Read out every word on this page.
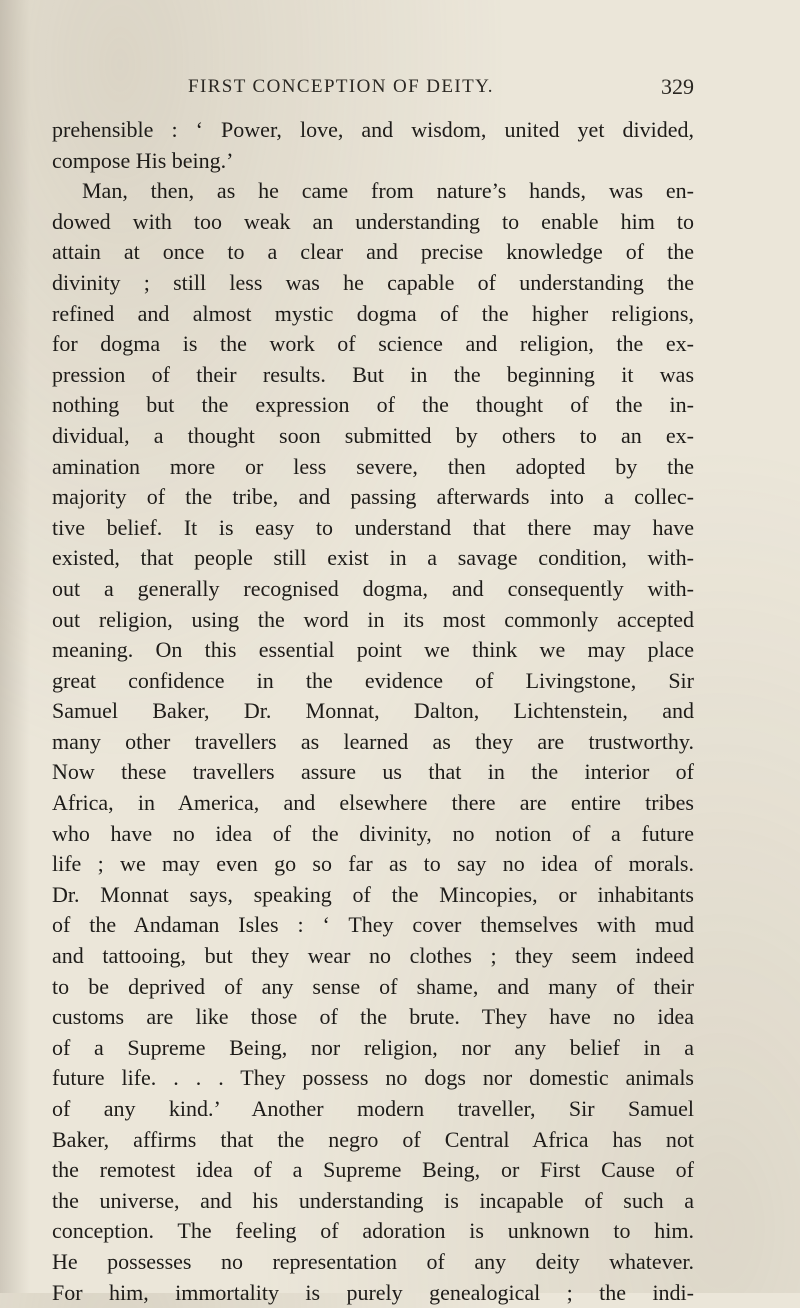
FIRST CONCEPTION OF DEITY.	329
prehensible : ‘ Power, love, and wisdom, united yet divided,
compose His being.’
Man, then, as he came from nature’s hands, was en-
dowed with too weak an understanding to enable him to
attain at once to a clear and precise knowledge of the
divinity ; still less was he capable of understanding the
refined and almost mystic dogma of the higher religions,
for dogma is the work of science and religion, the ex-
pression of their results. But in the beginning it was
nothing but the expression of the thought of the in-
dividual, a thought soon submitted by others to an ex-
amination more or less severe, then adopted by the
majority of the tribe, and passing afterwards into a collec-
tive belief. It is easy to understand that there may have
existed, that people still exist in a savage condition, with-
out a generally recognised dogma, and consequently with-
out religion, using the word in its most commonly accepted
meaning. On this essential point we think we may place
great confidence in the evidence of Livingstone, Sir
Samuel Baker, Dr. Monnat, Dalton, Lichtenstein, and
many other travellers as learned as they are trustworthy.
Now these travellers assure us that in the interior of
Africa, in America, and elsewhere there are entire tribes
who have no idea of the divinity, no notion of a future
life ; we may even go so far as to say no idea of morals.
Dr. Monnat says, speaking of the Mincopies, or inhabitants
of the Andaman Isles : ‘ They cover themselves with mud
and tattooing, but they wear no clothes ; they seem indeed
to be deprived of any sense of shame, and many of their
customs are like those of the brute. They have no idea
of a Supreme Being, nor religion, nor any belief in a
future life. . . . They possess no dogs nor domestic animals
of any kind.’ Another modern traveller, Sir Samuel
Baker, affirms that the negro of Central Africa has not
the remotest idea of a Supreme Being, or First Cause of
the universe, and his understanding is incapable of such a
conception. The feeling of adoration is unknown to him.
He possesses no representation of any deity whatever.
For him, immortality is purely genealogical ; the indi-
